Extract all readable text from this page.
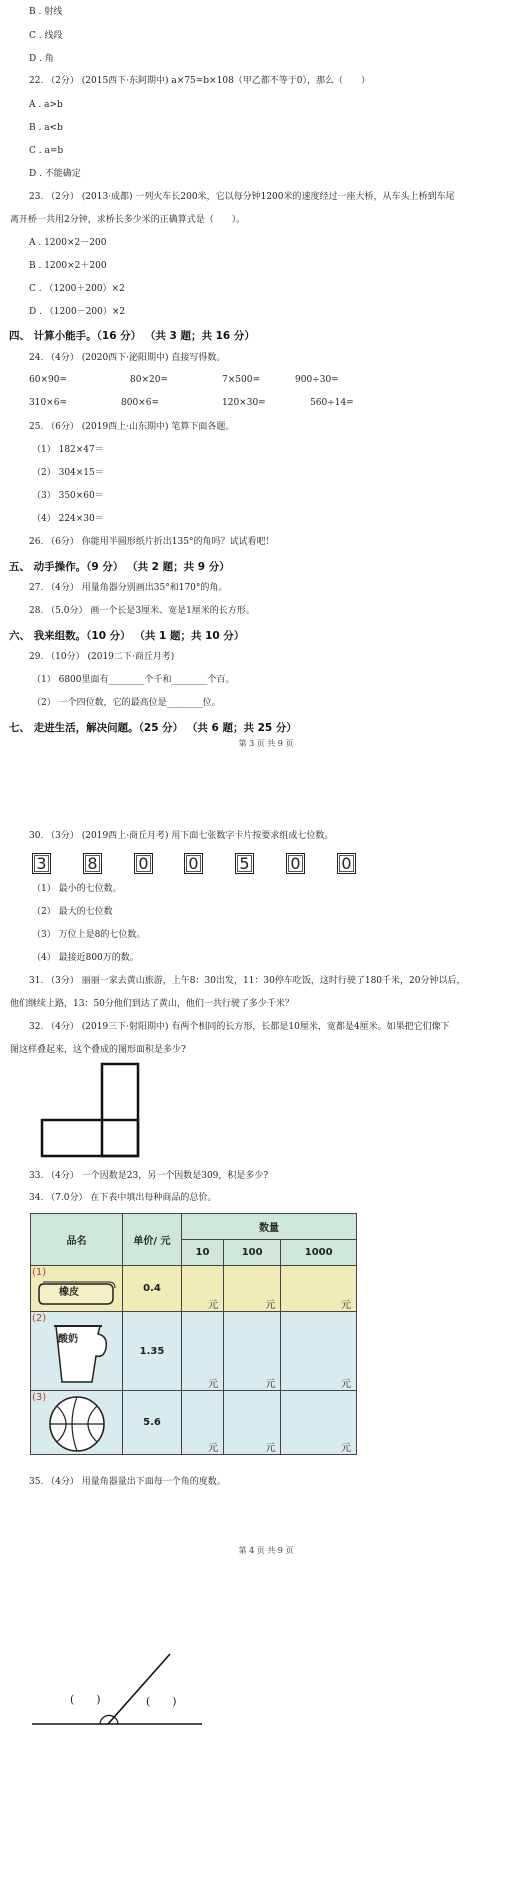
B . 射线
C . 线段
D . 角
22. （2分） (2015西下·东阿期中) a×75=b×108（甲乙都不等于0），那么（　　）
A . a>b
B . a<b
C . a=b
D . 不能确定
23. （2分） (2013·成都) 一列火车长200米，它以每分钟1200米的速度经过一座大桥，从车头上桥到车尾
离开桥一共用2分钟，求桥长多少米的正确算式是（　　）。
A . 1200×2－200
B . 1200×2＋200
C . （1200＋200）×2
D . （1200－200）×2
四、 计算小能手。（16 分） （共 3 题；共 16 分）
24. （4分） (2020西下·泌阳期中) 直接写得数。
60×90=	80×20=	7×500=	900÷30=
310×6=	800×6=	120×30=	560÷14=
25. （6分） (2019西上·山东期中) 笔算下面各题。
（1） 182×47＝
（2） 304×15＝
（3） 350×60＝
（4） 224×30＝
26. （6分） 你能用半圆形纸片折出135°的角吗？试试看吧！
五、 动手操作。（9 分） （共 2 题；共 9 分）
27. （4分） 用量角器分别画出35°和170°的角。
28. （5.0分） 画一个长是3厘米、宽是1厘米的长方形。
六、 我来组数。（10 分） （共 1 题；共 10 分）
29. （10分） (2019二下·商丘月考)
（1） 6800里面有________个千和________个百。
（2） 一个四位数，它的最高位是________位。
七、 走进生活，解决问题。（25 分） （共 6 题；共 25 分）
第 3 页 共 9 页
30. （3分） (2019西上·商丘月考) 用下面七张数字卡片按要求组成七位数。
3	8	0 0	5	0	0
（1） 最小的七位数。
（2） 最大的七位数
（3） 万位上是8的七位数。
（4） 最接近800万的数。
31. （3分） 丽丽一家去黄山旅游，上午8：30出发，11：30停车吃饭，这时行驶了180千米，20分钟以后，
他们继续上路，13：50分他们到达了黄山，他们一共行驶了多少千米？
32. （4分） (2019三下·射阳期中) 有两个相同的长方形，长都是10厘米，宽都是4厘米。如果把它们像下
图这样叠起来，这个叠成的图形面积是多少?
33. （4分） 一个因数是23，另一个因数是309，积是多少?
34. （7.0分） 在下表中填出每种商品的总价。
品名	单价/ 元	数量		
		10	100	1000

(1)
橡皮	0.4	元	元	元

(2)
酸奶	1.35	元	元	元

(3)	5.6	元	元	元
35. （4分） 用量角器量出下面每一个角的度数。
第 4 页 共 9 页
(　　)	(　　)
